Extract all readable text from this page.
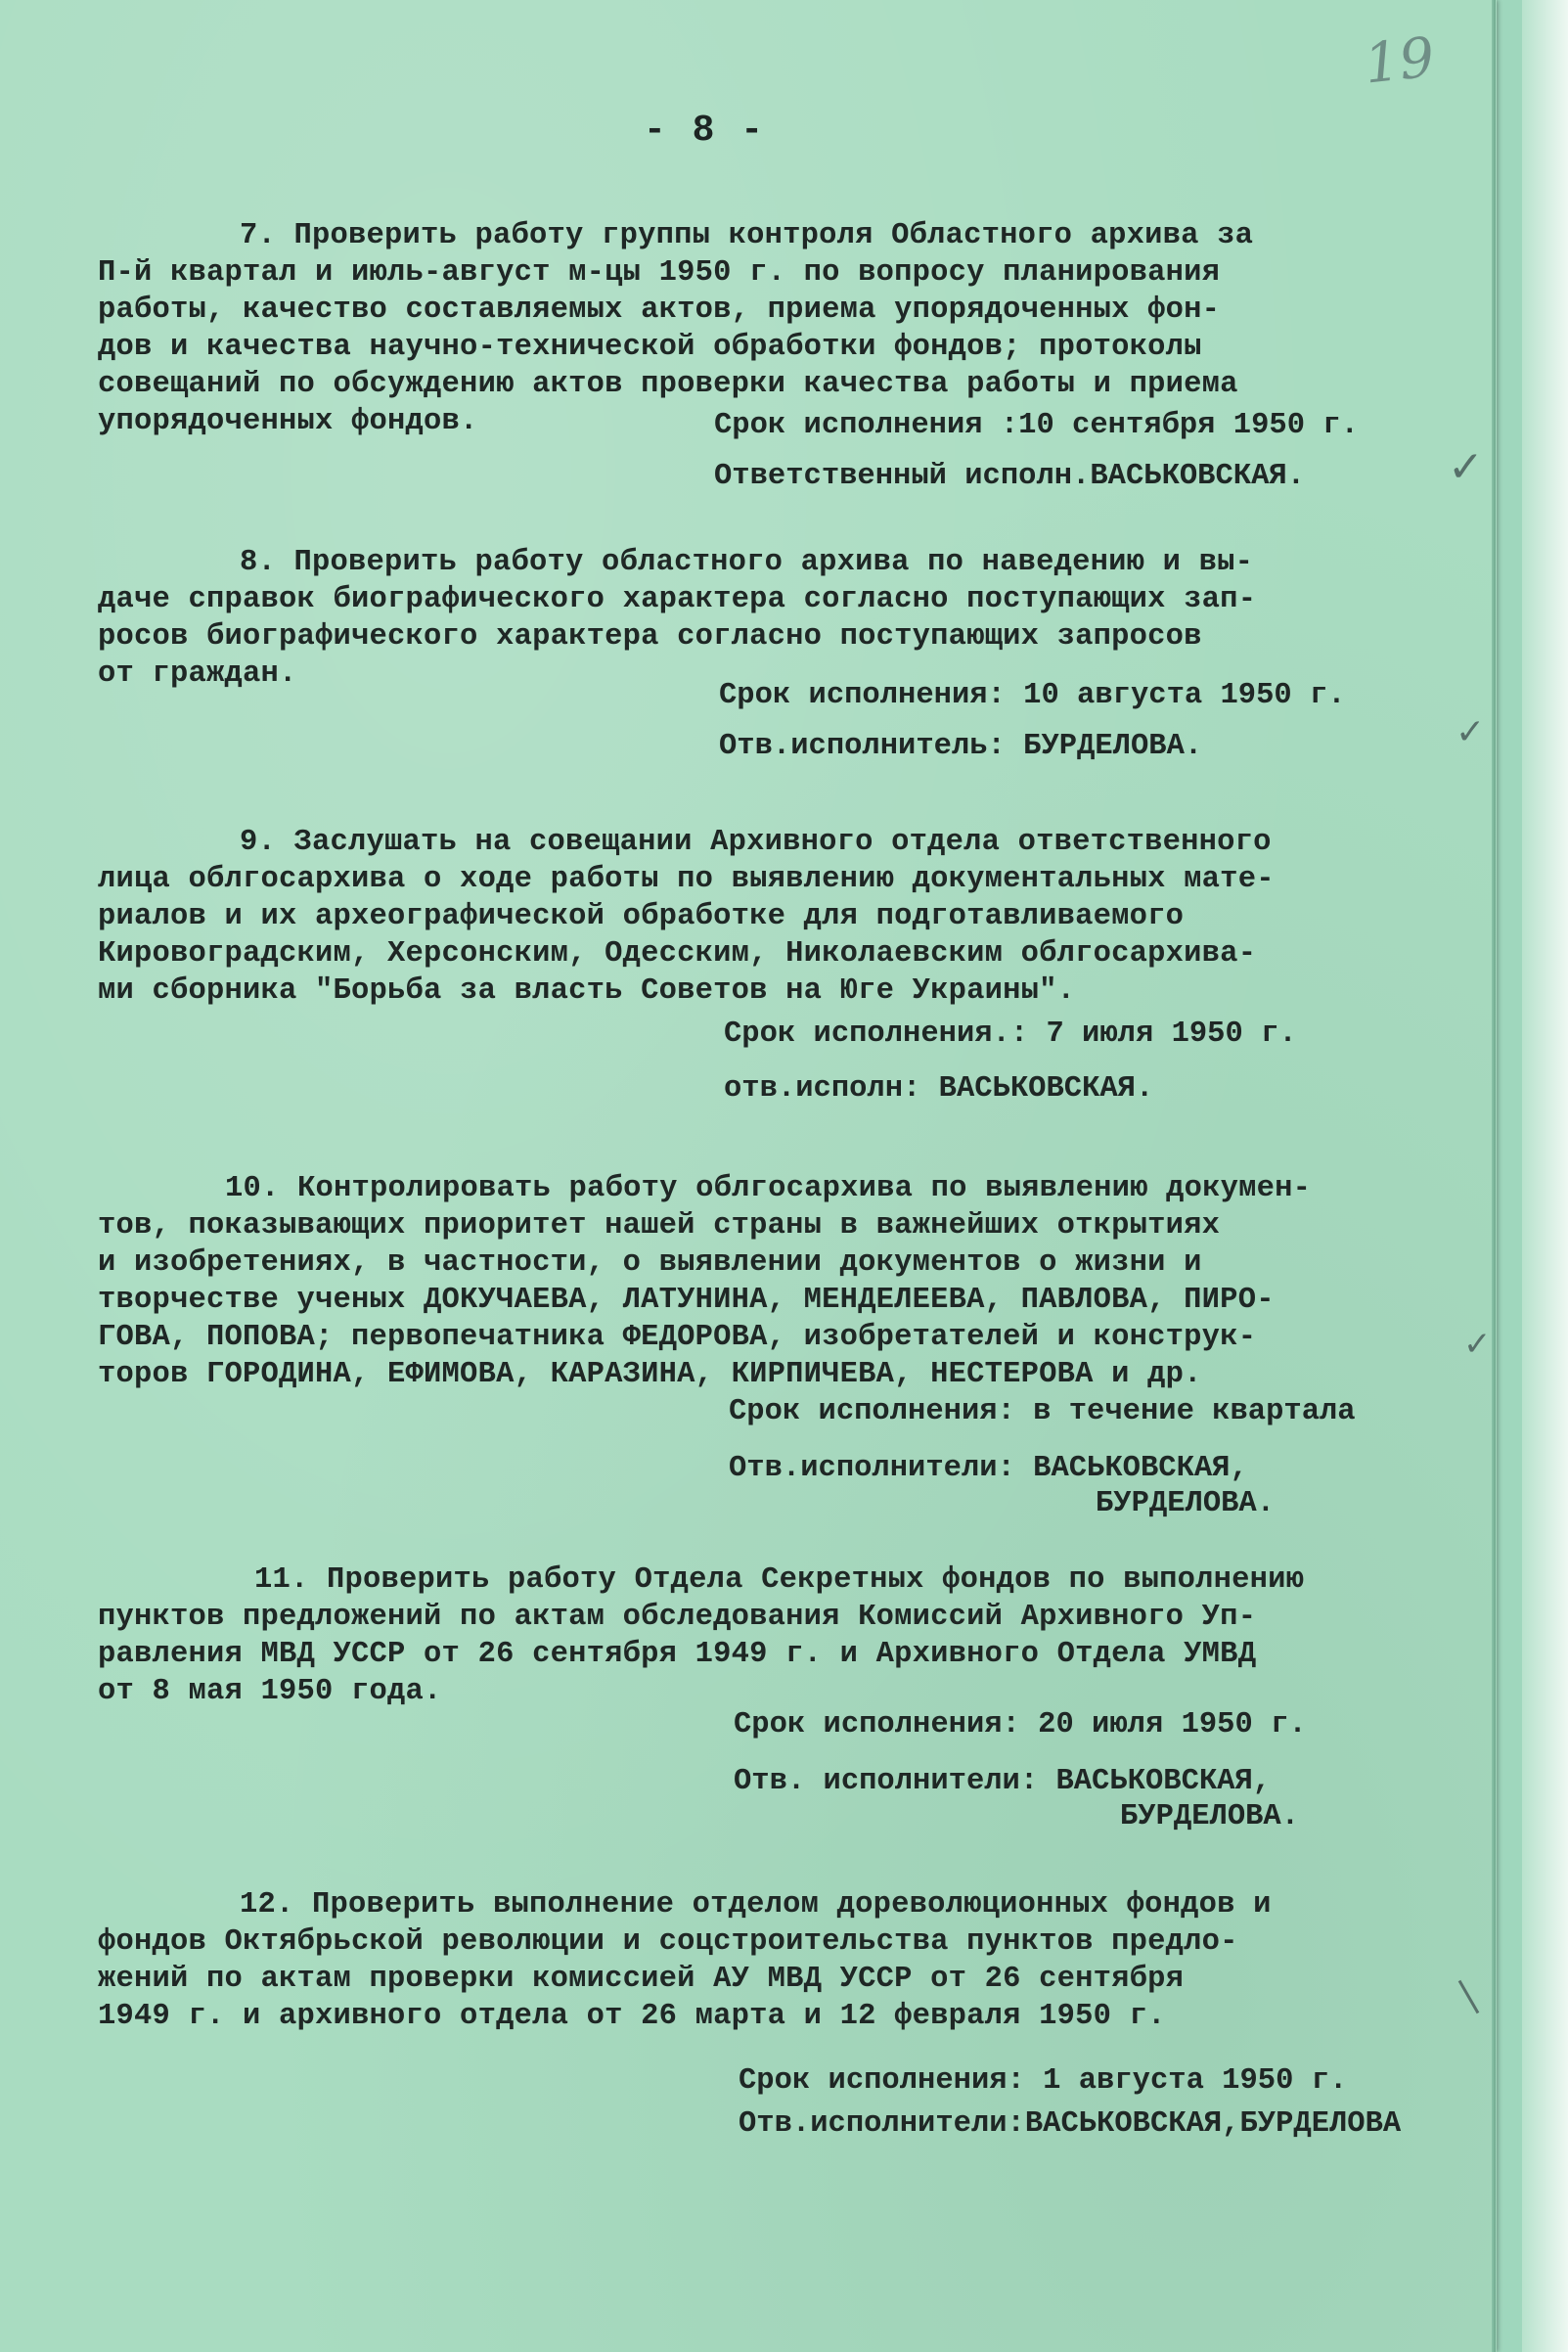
19
- 8 -

7. Проверить работу группы контроля Областного архива за

П-й квартал и июль-август м-цы 1950 г. по вопросу планирования

работы, качество составляемых актов, приема упорядоченных фон-

дов и качества научно-технической обработки фондов; протоколы

совещаний по обсуждению актов проверки качества работы и приема

упорядоченных фондов.	Срок исполнения :10 сентября 1950 г.
Ответственный исполн.ВАСЬКОВСКАЯ.	✓

8. Проверить работу областного архива по наведению и вы-

даче справок биографического характера согласно поступающих зап-

росов биографического характера согласно поступающих запросов

от граждан.

Срок исполнения: 10 августа 1950 г.
Отв.исполнитель: БУРДЕЛОВА.	✓

9. Заслушать на совещании Архивного отдела ответственного

лица облгосархива о ходе работы по выявлению документальных мате-

риалов и их археографической обработке для подготавливаемого

Кировоградским, Херсонским, Одесским, Николаевским облгосархива-

ми сборника "Борьба за власть Советов на Юге Украины".

Срок исполнения.: 7 июля 1950 г.
отв.исполн: ВАСЬКОВСКАЯ.

10. Контролировать работу облгосархива по выявлению докумен-

тов, показывающих приоритет нашей страны в важнейших открытиях

и изобретениях, в частности, о выявлении документов о жизни и

творчестве ученых ДОКУЧАЕВА, ЛАТУНИНА, МЕНДЕЛЕЕВА, ПАВЛОВА, ПИРО-

ГОВА, ПОПОВА; первопечатника ФЕДОРОВА, изобретателей и конструк-

торов ГОРОДИНА, ЕФИМОВА, КАРАЗИНА, КИРПИЧЕВА, НЕСТЕРОВА и др.

Срок исполнения: в течение квартала
Отв.исполнители: ВАСЬКОВСКАЯ,
БУРДЕЛОВА.
✓

11. Проверить работу Отдела Секретных фондов по выполнению

пунктов предложений по актам обследования Комиссий Архивного Уп-

равления МВД УССР от 26 сентября 1949 г. и Архивного Отдела УМВД

от 8 мая 1950 года.

Срок исполнения: 20 июля 1950 г.
Отв. исполнители: ВАСЬКОВСКАЯ,
БУРДЕЛОВА.

12. Проверить выполнение отделом дореволюционных фондов и

фондов Октябрьской революции и соцстроительства пунктов предло-

жений по актам проверки комиссией АУ МВД УССР от 26 сентября

1949 г. и архивного отдела от 26 марта и 12 февраля 1950 г.

Срок исполнения: 1 августа 1950 г.
Отв.исполнители:ВАСЬКОВСКАЯ,БУРДЕЛОВА
